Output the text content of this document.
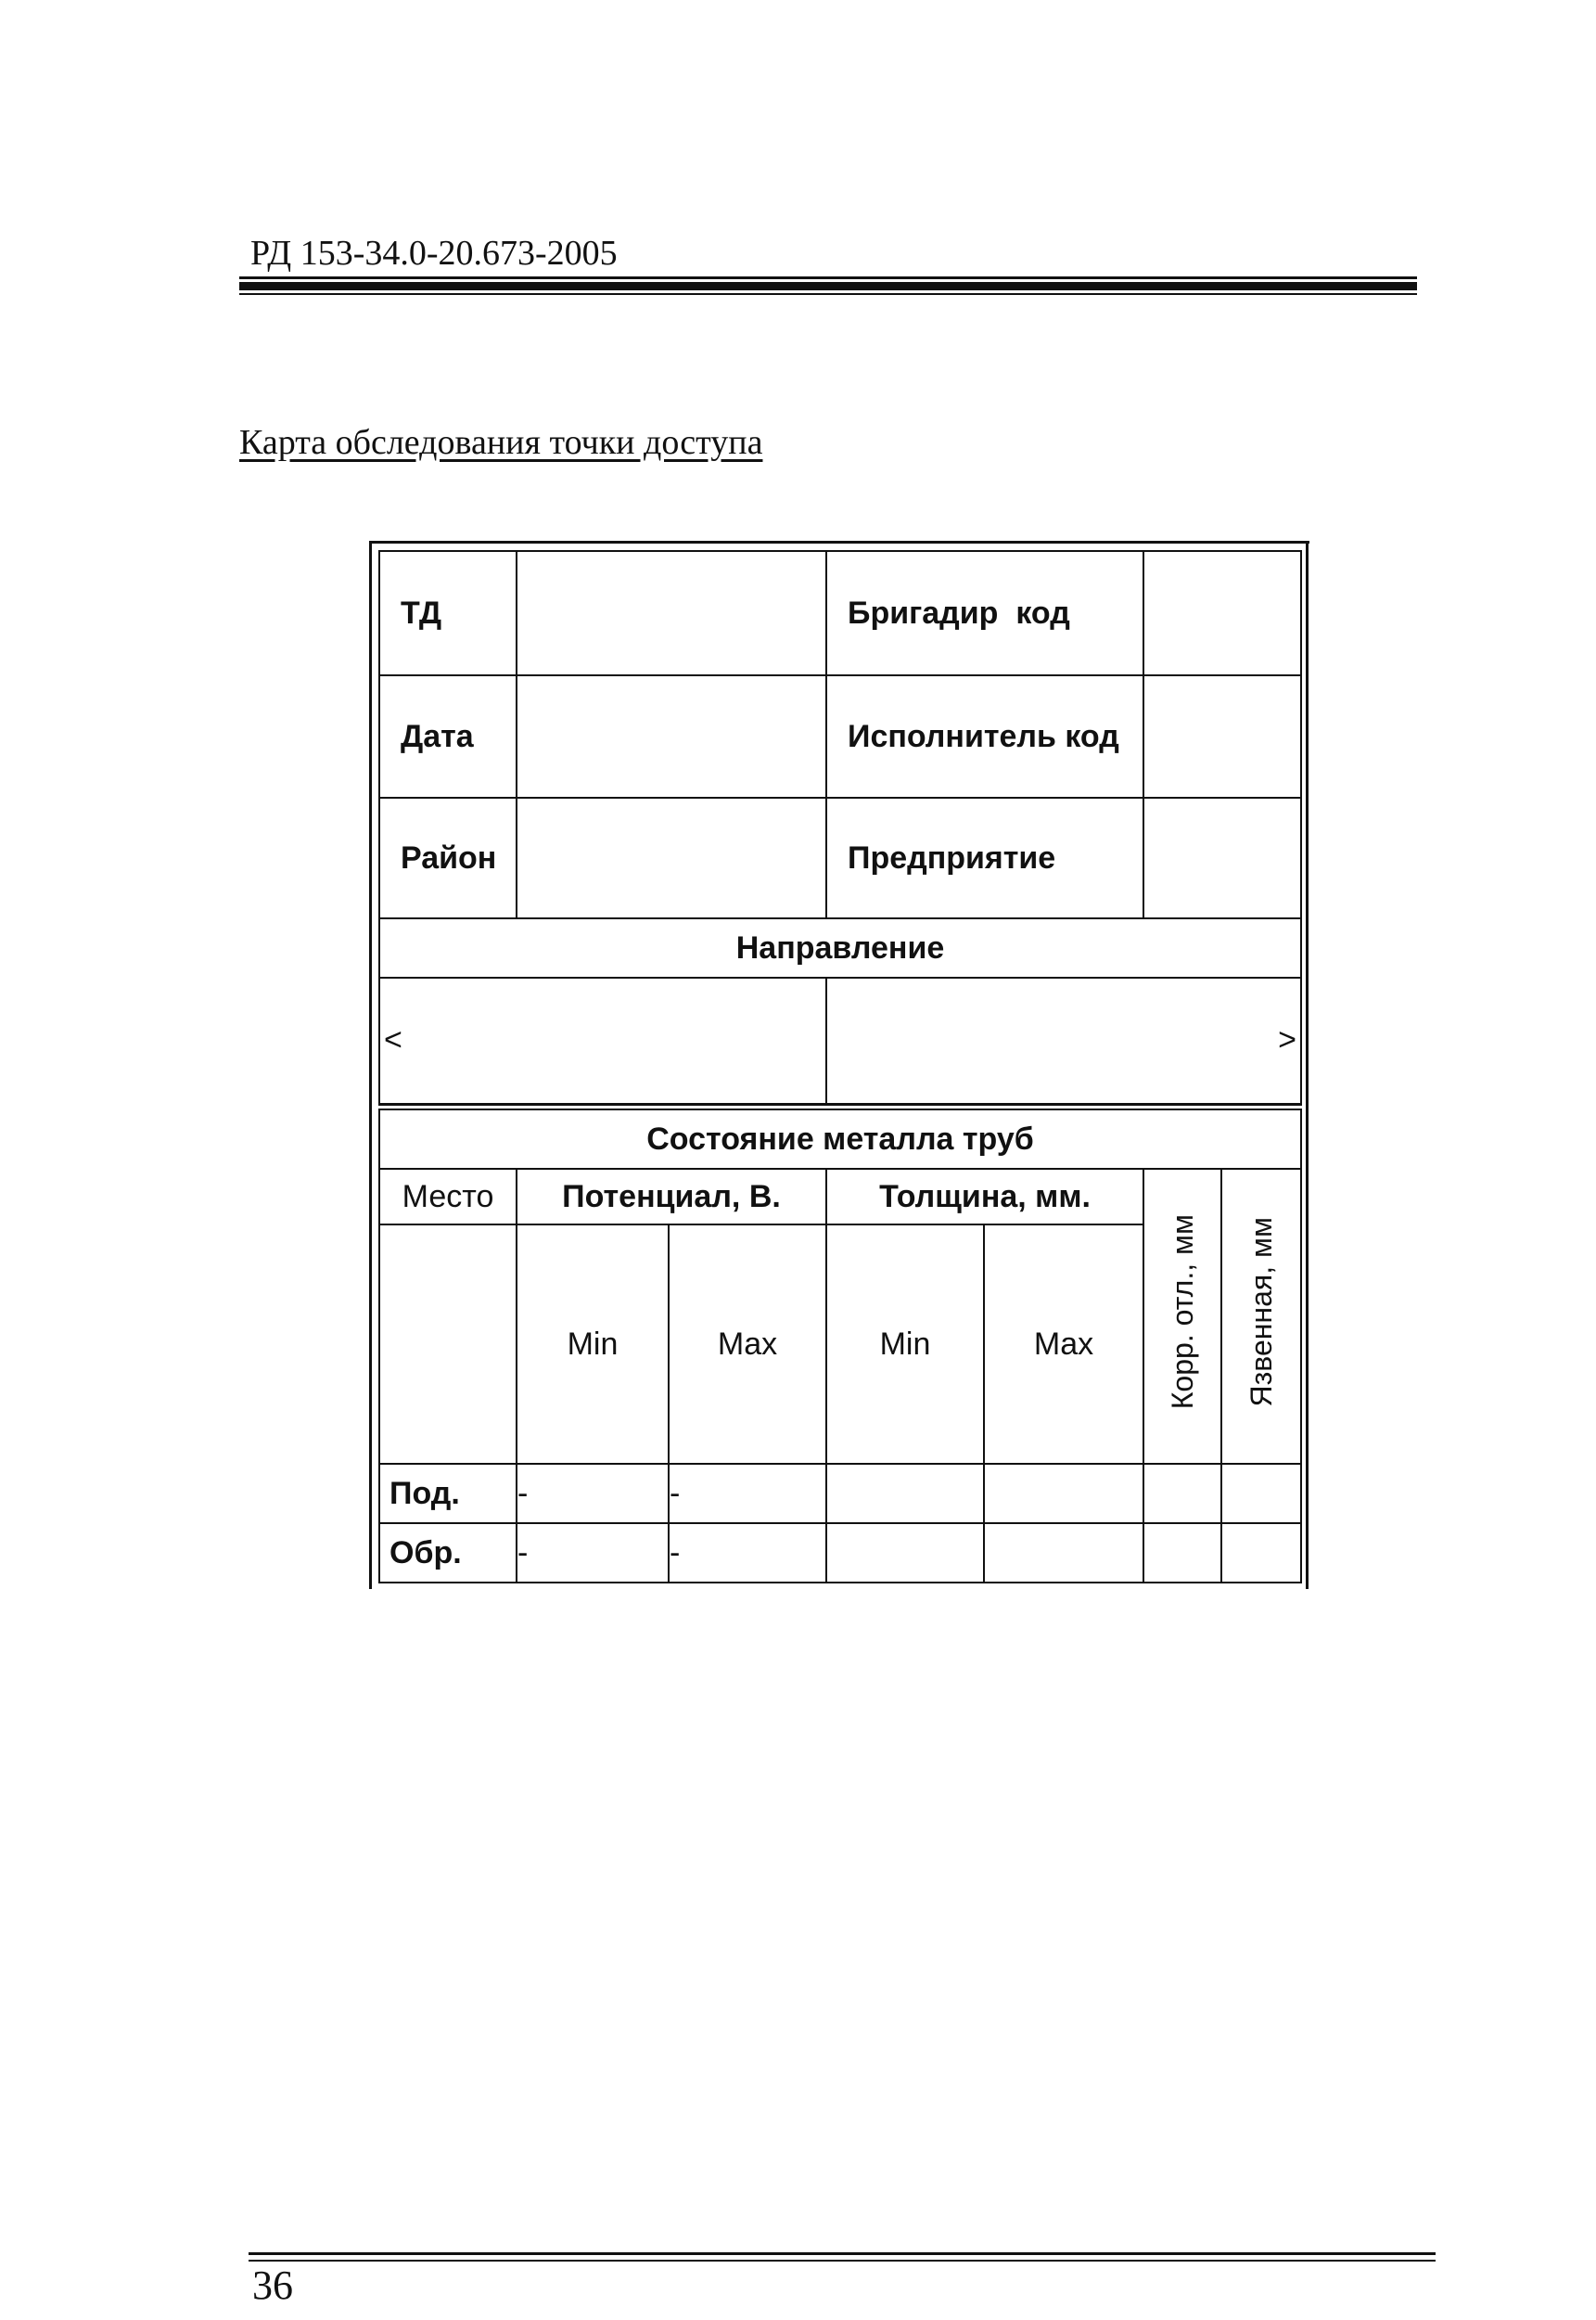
РД 153-34.0-20.673-2005
Карта обследования точки доступа
ТД			Бригадир  код			
Дата			Исполнитель код			
Район			Предприятие			
Направление						
<			>			

Состояние металла труб						
Место	Потенциал, В.		Толщина, мм.		Корр. отл., мм	Язвенная, мм
	Min	Max	Min	Max		
Под.	-	-				
Обр.	-	-				
36
